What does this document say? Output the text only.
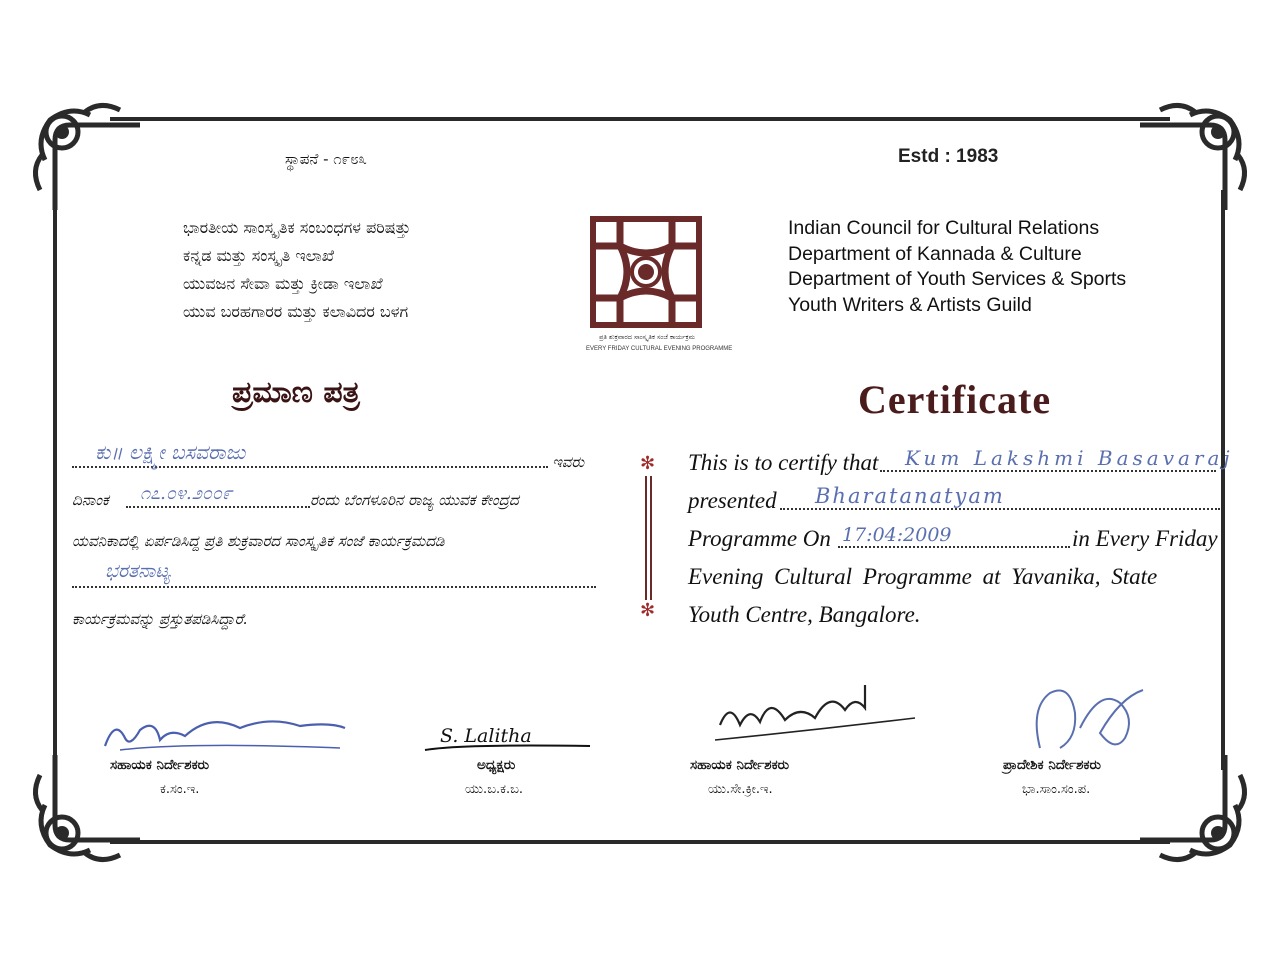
ಸ್ಥಾಪನೆ - ೧೯೮೩	Estd : 1983
ಭಾರತೀಯ ಸಾಂಸ್ಕೃತಿಕ ಸಂಬಂಧಗಳ ಪರಿಷತ್ತು
ಕನ್ನಡ ಮತ್ತು ಸಂಸ್ಕೃತಿ ಇಲಾಖೆ
ಯುವಜನ ಸೇವಾ ಮತ್ತು ಕ್ರೀಡಾ ಇಲಾಖೆ
ಯುವ ಬರಹಗಾರರ ಮತ್ತು ಕಲಾವಿದರ ಬಳಗ
Indian Council for Cultural Relations
Department of Kannada & Culture
Department of Youth Services & Sports
Youth Writers & Artists Guild
ಪ್ರತಿ ಶುಕ್ರವಾರದ ಸಾಂಸ್ಕೃತಿಕ ಸಂಜೆ ಕಾರ್ಯಕ್ರಮ
EVERY FRIDAY CULTURAL EVENING PROGRAMME
ಪ್ರಮಾಣ ಪತ್ರ	Certificate
ಕು॥ ಲಕ್ಷ್ಮೀ ಬಸವರಾಜು	ಇವರು
ದಿನಾಂಕ ೧೭.೦೪.೨೦೦೯	ರಂದು ಬೆಂಗಳೂರಿನ ರಾಜ್ಯ ಯುವಕ ಕೇಂದ್ರದ
ಯವನಿಕಾದಲ್ಲಿ ಏರ್ಪಡಿಸಿದ್ದ ಪ್ರತಿ ಶುಕ್ರವಾರದ ಸಾಂಸ್ಕೃತಿಕ ಸಂಜೆ ಕಾರ್ಯಕ್ರಮದಡಿ
ಭರತನಾಟ್ಯ
ಕಾರ್ಯಕ್ರಮವನ್ನು ಪ್ರಸ್ತುತಪಡಿಸಿದ್ದಾರೆ.
✻
✻
This is to certify that Kum Lakshmi Basavaraj
presented Bharatanatyam
Programme On 17:04:2009	in Every Friday
Evening Cultural Programme at Yavanika, State
Youth Centre, Bangalore.
S. Lalitha
ಸಹಾಯಕ ನಿರ್ದೇಶಕರು
ಕ.ಸಂ.ಇ.
ಅಧ್ಯಕ್ಷರು
ಯು.ಬ.ಕ.ಬ.
ಸಹಾಯಕ ನಿರ್ದೇಶಕರು
ಯು.ಸೇ.ಕ್ರೀ.ಇ.
ಪ್ರಾದೇಶಿಕ ನಿರ್ದೇಶಕರು
ಭಾ.ಸಾಂ.ಸಂ.ಪ.
